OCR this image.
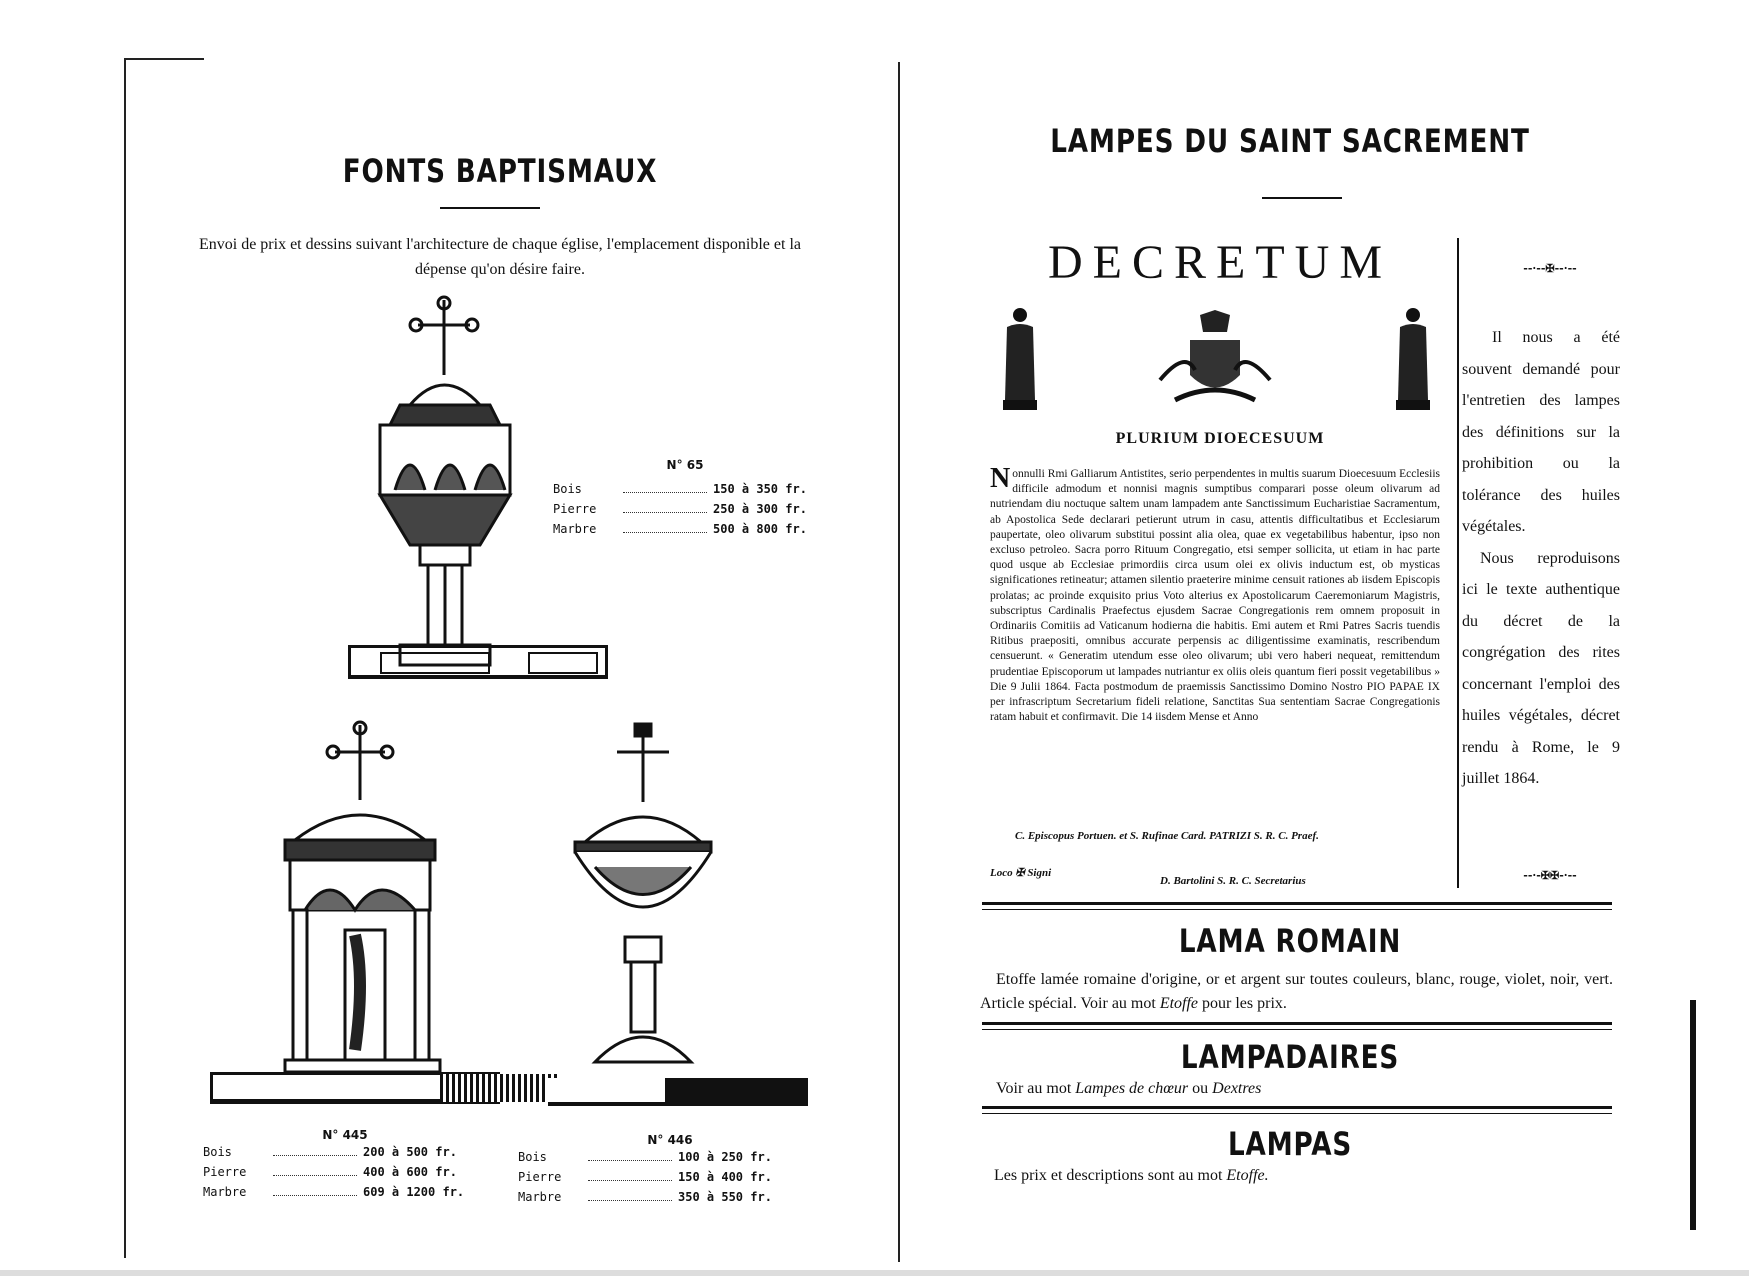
FONTS BAPTISMAUX
Envoi de prix et dessins suivant l'architecture de chaque église, l'emplacement disponible et la dépense qu'on désire faire.
N° 65
Bois	150 à 350 fr.
Pierre	250 à 300 fr.
Marbre	500 à 800 fr.
N° 445
Bois	200 à 500 fr.
Pierre	400 à 600 fr.
Marbre	609 à 1200 fr.
N° 446
Bois	100 à 250 fr.
Pierre	150 à 400 fr.
Marbre	350 à 550 fr.
LAMPES DU SAINT SACREMENT
DECRETUM
PLURIUM DIOECESUUM
Nonnulli Rmi Galliarum Antistites, serio perpendentes in multis suarum Dioecesuum Ecclesiis difficile admodum et nonnisi magnis sumptibus comparari posse oleum olivarum ad nutriendam diu noctuque saltem unam lampadem ante Sanctissimum Eucharistiae Sacramentum, ab Apostolica Sede declarari petierunt utrum in casu, attentis difficultatibus et Ecclesiarum paupertate, oleo olivarum substitui possint alia olea, quae ex vegetabilibus habentur, ipso non excluso petroleo. Sacra porro Rituum Congregatio, etsi semper sollicita, ut etiam in hac parte quod usque ab Ecclesiae primordiis circa usum olei ex olivis inductum est, ob mysticas significationes retineatur; attamen silentio praeterire minime censuit rationes ab iisdem Episcopis prolatas; ac proinde exquisito prius Voto alterius ex Apostolicarum Caeremoniarum Magistris, subscriptus Cardinalis Praefectus ejusdem Sacrae Congregationis rem omnem proposuit in Ordinariis Comitiis ad Vaticanum hodierna die habitis. Emi autem et Rmi Patres Sacris tuendis Ritibus praepositi, omnibus accurate perpensis ac diligentissime examinatis, rescribendum censuerunt. « Generatim utendum esse oleo olivarum; ubi vero haberi nequeat, remittendum prudentiae Episcoporum ut lampades nutriantur ex oliis oleis quantum fieri possit vegetabilibus » Die 9 Julii 1864. Facta postmodum de praemissis Sanctissimo Domino Nostro PIO PAPAE IX per infrascriptum Secretarium fideli relatione, Sanctitas Sua sententiam Sacrae Congregationis ratam habuit et confirmavit. Die 14 iisdem Mense et Anno
C. Episcopus Portuen. et S. Rufinae Card. PATRIZI S. R. C. Praef.
Loco ✠ Signi
D. Bartolini S. R. C. Secretarius
--·--✠--·--

Il nous a été souvent demandé pour l'entretien des lampes des définitions sur la prohibition ou la tolérance des huiles végétales.

Nous reproduisons ici le texte authentique du décret de la congrégation des rites concernant l'emploi des huiles végétales, décret rendu à Rome, le 9 juillet 1864.

--·-✠✠-·--
LAMA ROMAIN
Etoffe lamée romaine d'origine, or et argent sur toutes couleurs, blanc, rouge, violet, noir, vert. Article spécial. Voir au mot Etoffe pour les prix.
LAMPADAIRES
Voir au mot Lampes de chœur ou Dextres
LAMPAS
Les prix et descriptions sont au mot Etoffe.
